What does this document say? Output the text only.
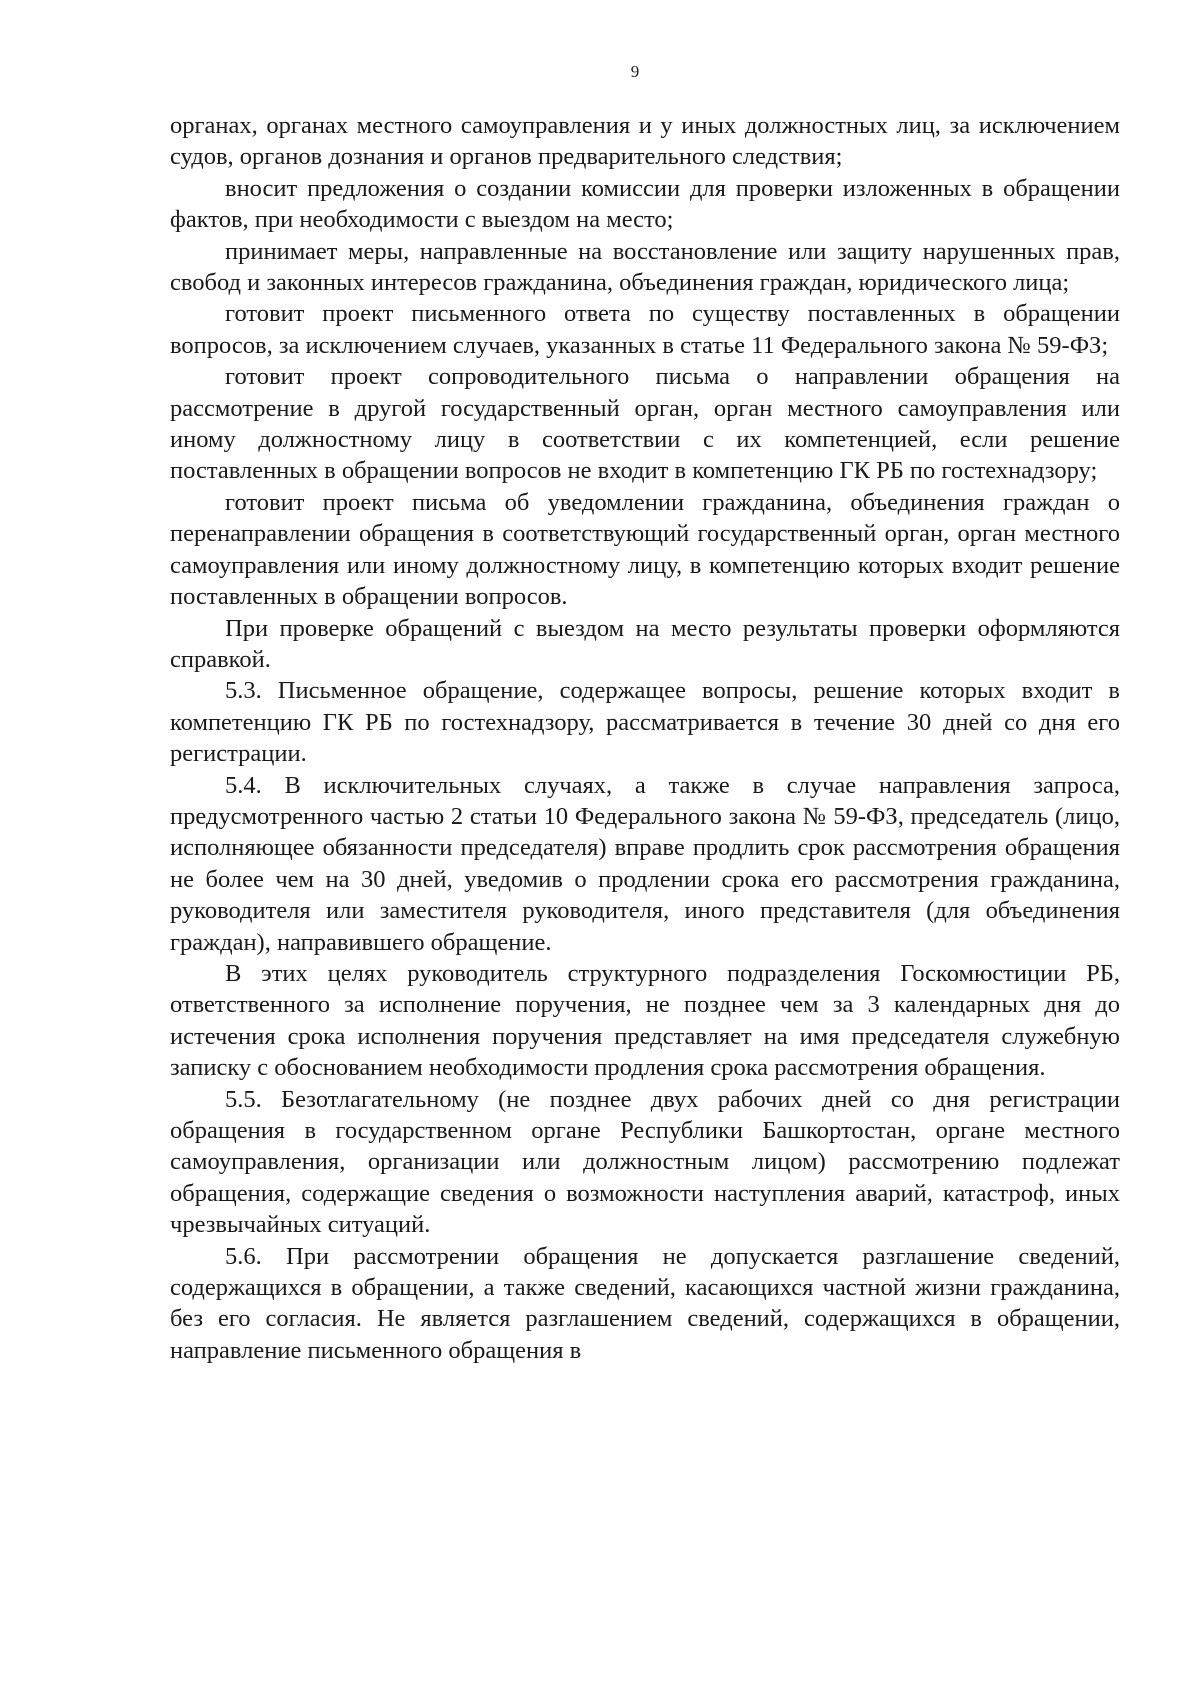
9

органах, органах местного самоуправления и у иных должностных лиц, за исключением судов, органов дознания и органов предварительного следствия;

вносит предложения о создании комиссии для проверки изложенных в обращении фактов, при необходимости с выездом на место;

принимает меры, направленные на восстановление или защиту нарушенных прав, свобод и законных интересов гражданина, объединения граждан, юридического лица;

готовит проект письменного ответа по существу поставленных в обращении вопросов, за исключением случаев, указанных в статье 11 Федерального закона № 59-ФЗ;

готовит проект сопроводительного письма о направлении обращения на рассмотрение в другой государственный орган, орган местного самоуправления или иному должностному лицу в соответствии с их компетенцией, если решение поставленных в обращении вопросов не входит в компетенцию ГК РБ по гостехнадзору;

готовит проект письма об уведомлении гражданина, объединения граждан о перенаправлении обращения в соответствующий государственный орган, орган местного самоуправления или иному должностному лицу, в компетенцию которых входит решение поставленных в обращении вопросов.

При проверке обращений с выездом на место результаты проверки оформляются справкой.

5.3. Письменное обращение, содержащее вопросы, решение которых входит в компетенцию ГК РБ по гостехнадзору, рассматривается в течение 30 дней со дня его регистрации.

5.4. В исключительных случаях, а также в случае направления запроса, предусмотренного частью 2 статьи 10 Федерального закона № 59-ФЗ, председатель (лицо, исполняющее обязанности председателя) вправе продлить срок рассмотрения обращения не более чем на 30 дней, уведомив о продлении срока его рассмотрения гражданина, руководителя или заместителя руководителя, иного представителя (для объединения граждан), направившего обращение.

В этих целях руководитель структурного подразделения Госкомюстиции РБ, ответственного за исполнение поручения, не позднее чем за 3 календарных дня до истечения срока исполнения поручения представляет на имя председателя служебную записку с обоснованием необходимости продления срока рассмотрения обращения.

5.5. Безотлагательному (не позднее двух рабочих дней со дня регистрации обращения в государственном органе Республики Башкортостан, органе местного самоуправления, организации или должностным лицом) рассмотрению подлежат обращения, содержащие сведения о возможности наступления аварий, катастроф, иных чрезвычайных ситуаций.

5.6. При рассмотрении обращения не допускается разглашение сведений, содержащихся в обращении, а также сведений, касающихся частной жизни гражданина, без его согласия. Не является разглашением сведений, содержащихся в обращении, направление письменного обращения в
